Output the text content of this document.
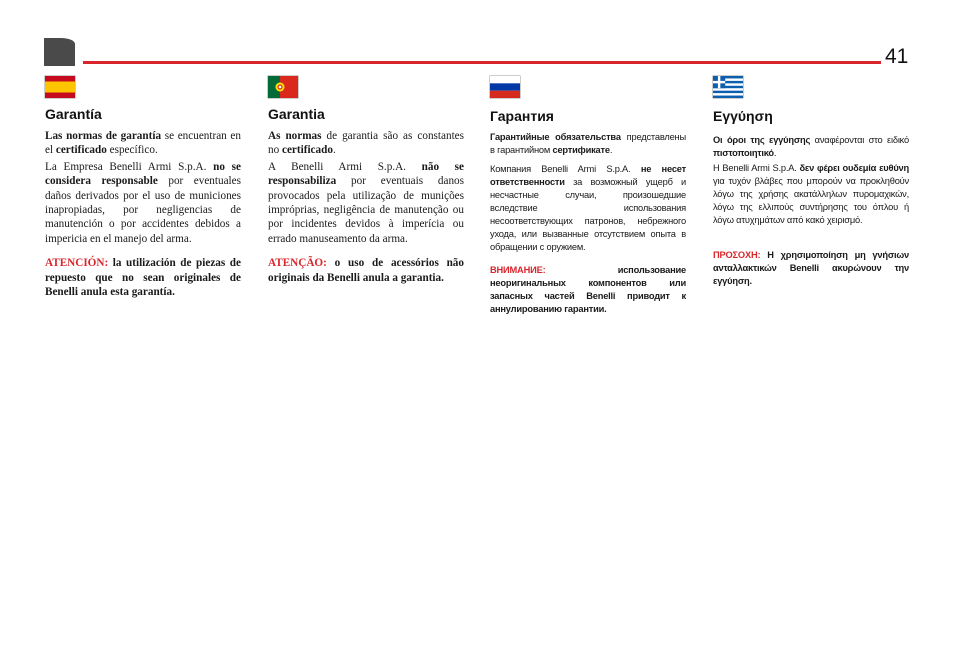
41
Garantía

Las normas de garantía se encuentran en el certificado específico.

La Empresa Benelli Armi S.p.A. no se considera responsable por eventuales daños derivados por el uso de municiones inapropiadas, por negligencias de manutención o por accidentes debidos a impericia en el manejo del arma.

ATENCIÓN: la utilización de piezas de repuesto que no sean originales de Benelli anula esta garantía.

Garantia

As normas de garantia são as constantes no certificado.

A Benelli Armi S.p.A. não se responsabiliza por eventuais danos provocados pela utilização de munições impróprias, negligência de manutenção ou por incidentes devidos à imperícia ou errado manuseamento da arma.

ATENÇÃO: o uso de acessórios não originais da Benelli anula a garantia.

Гарантия

Гарантийные обязательства представлены в гарантийном сертификате.

Компания Benelli Armi S.p.A. не несет ответственности за возможный ущерб и несчастные случаи, произошедшие вследствие использования несоответствующих патронов, небрежного ухода, или вызванные отсутствием опыта в обращении с оружием.

ВНИМАНИЕ: использование неоригинальных компонентов или запасных частей Benelli приводит к аннулированию гарантии.

Εγγύηση

Οι όροι της εγγύησης αναφέρονται στο ειδικό πιστοποιητικό.

Η Benelli Armi S.p.A. δεν φέρει ουδεμία ευθύνη για τυχόν βλάβες που μπορούν να προκληθούν λόγω της χρήσης ακατάλληλων πυρομαχικών, λόγω της ελλιπούς συντήρησης του όπλου ή λόγω ατυχημάτων από κακό χειρισμό.

ΠΡΟΣΟΧΗ: Η χρησιμοποίηση μη γνήσιων ανταλλακτικών Benelli ακυρώνουν την εγγύηση.
